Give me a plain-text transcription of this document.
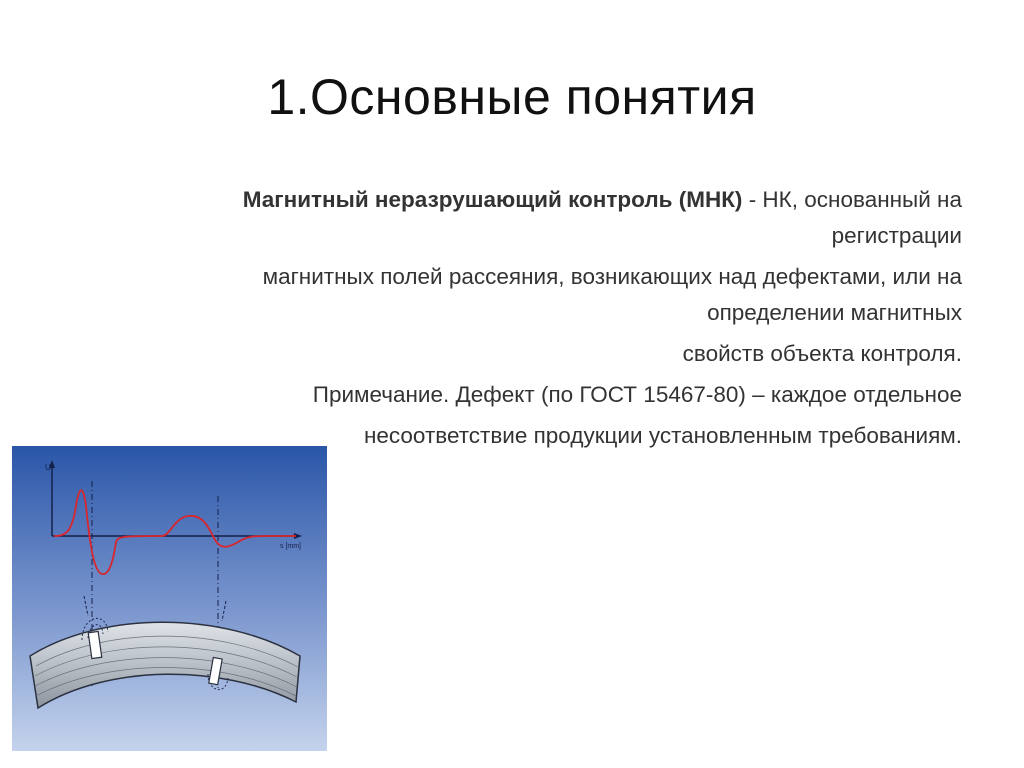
1.Основные понятия
Магнитный неразрушающий контроль (МНК) - НК, основанный на
регистрации
магнитных полей рассеяния, возникающих над дефектами, или на
определении магнитных
свойств объекта контроля.
Примечание. Дефект (по ГОСТ 15467-80) – каждое отдельное
несоответствие продукции установленным требованиям.
U
s [mm]
